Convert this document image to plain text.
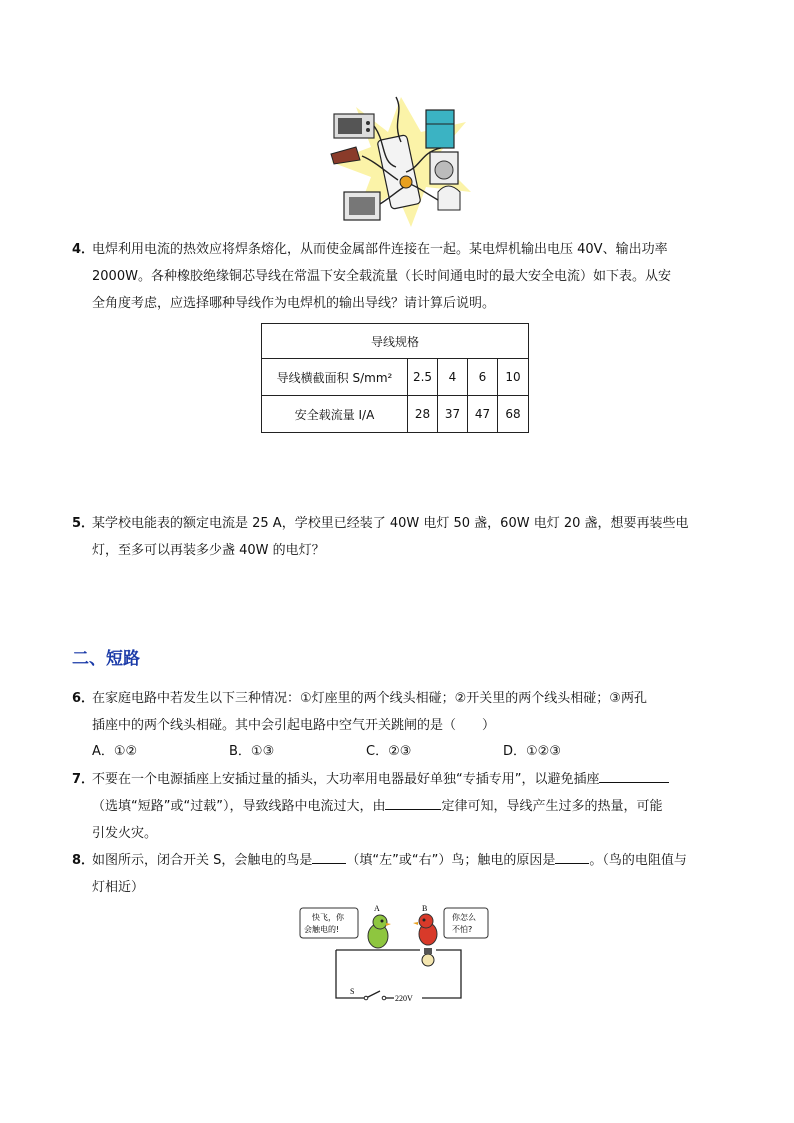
4．电焊利用电流的热效应将焊条熔化，从而使金属部件连接在一起。某电焊机输出电压 40V、输出功率
2000W。各种橡胶绝缘铜芯导线在常温下安全载流量（长时间通电时的最大安全电流）如下表。从安
全角度考虑，应选择哪种导线作为电焊机的输出导线？请计算后说明。
导线规格				
导线横截面积 S/mm²	2.5	4	6	10
安全载流量 I/A	28	37	47	68
5．某学校电能表的额定电流是 25 A，学校里已经装了 40W 电灯 50 盏，60W 电灯 20 盏，想要再装些电
灯，至多可以再装多少盏 40W 的电灯？
二、短路
6．在家庭电路中若发生以下三种情况：①灯座里的两个线头相碰；②开关里的两个线头相碰；③两孔
插座中的两个线头相碰。其中会引起电路中空气开关跳闸的是（　　）
A．①②	B．①③	C．②③	D．①②③
7．不要在一个电源插座上安插过量的插头，大功率用电器最好单独“专插专用”，以避免插座
（选填“短路”或“过载”），导致线路中电流过大，由	定律可知，导线产生过多的热量，可能
引发火灾。
8．如图所示，闭合开关 S，会触电的鸟是	（填“左”或“右”）鸟；触电的原因是	。（鸟的电阻值与
灯相近）
S
220V
快飞，你
会触电的!
你怎么
不怕?
A	B
